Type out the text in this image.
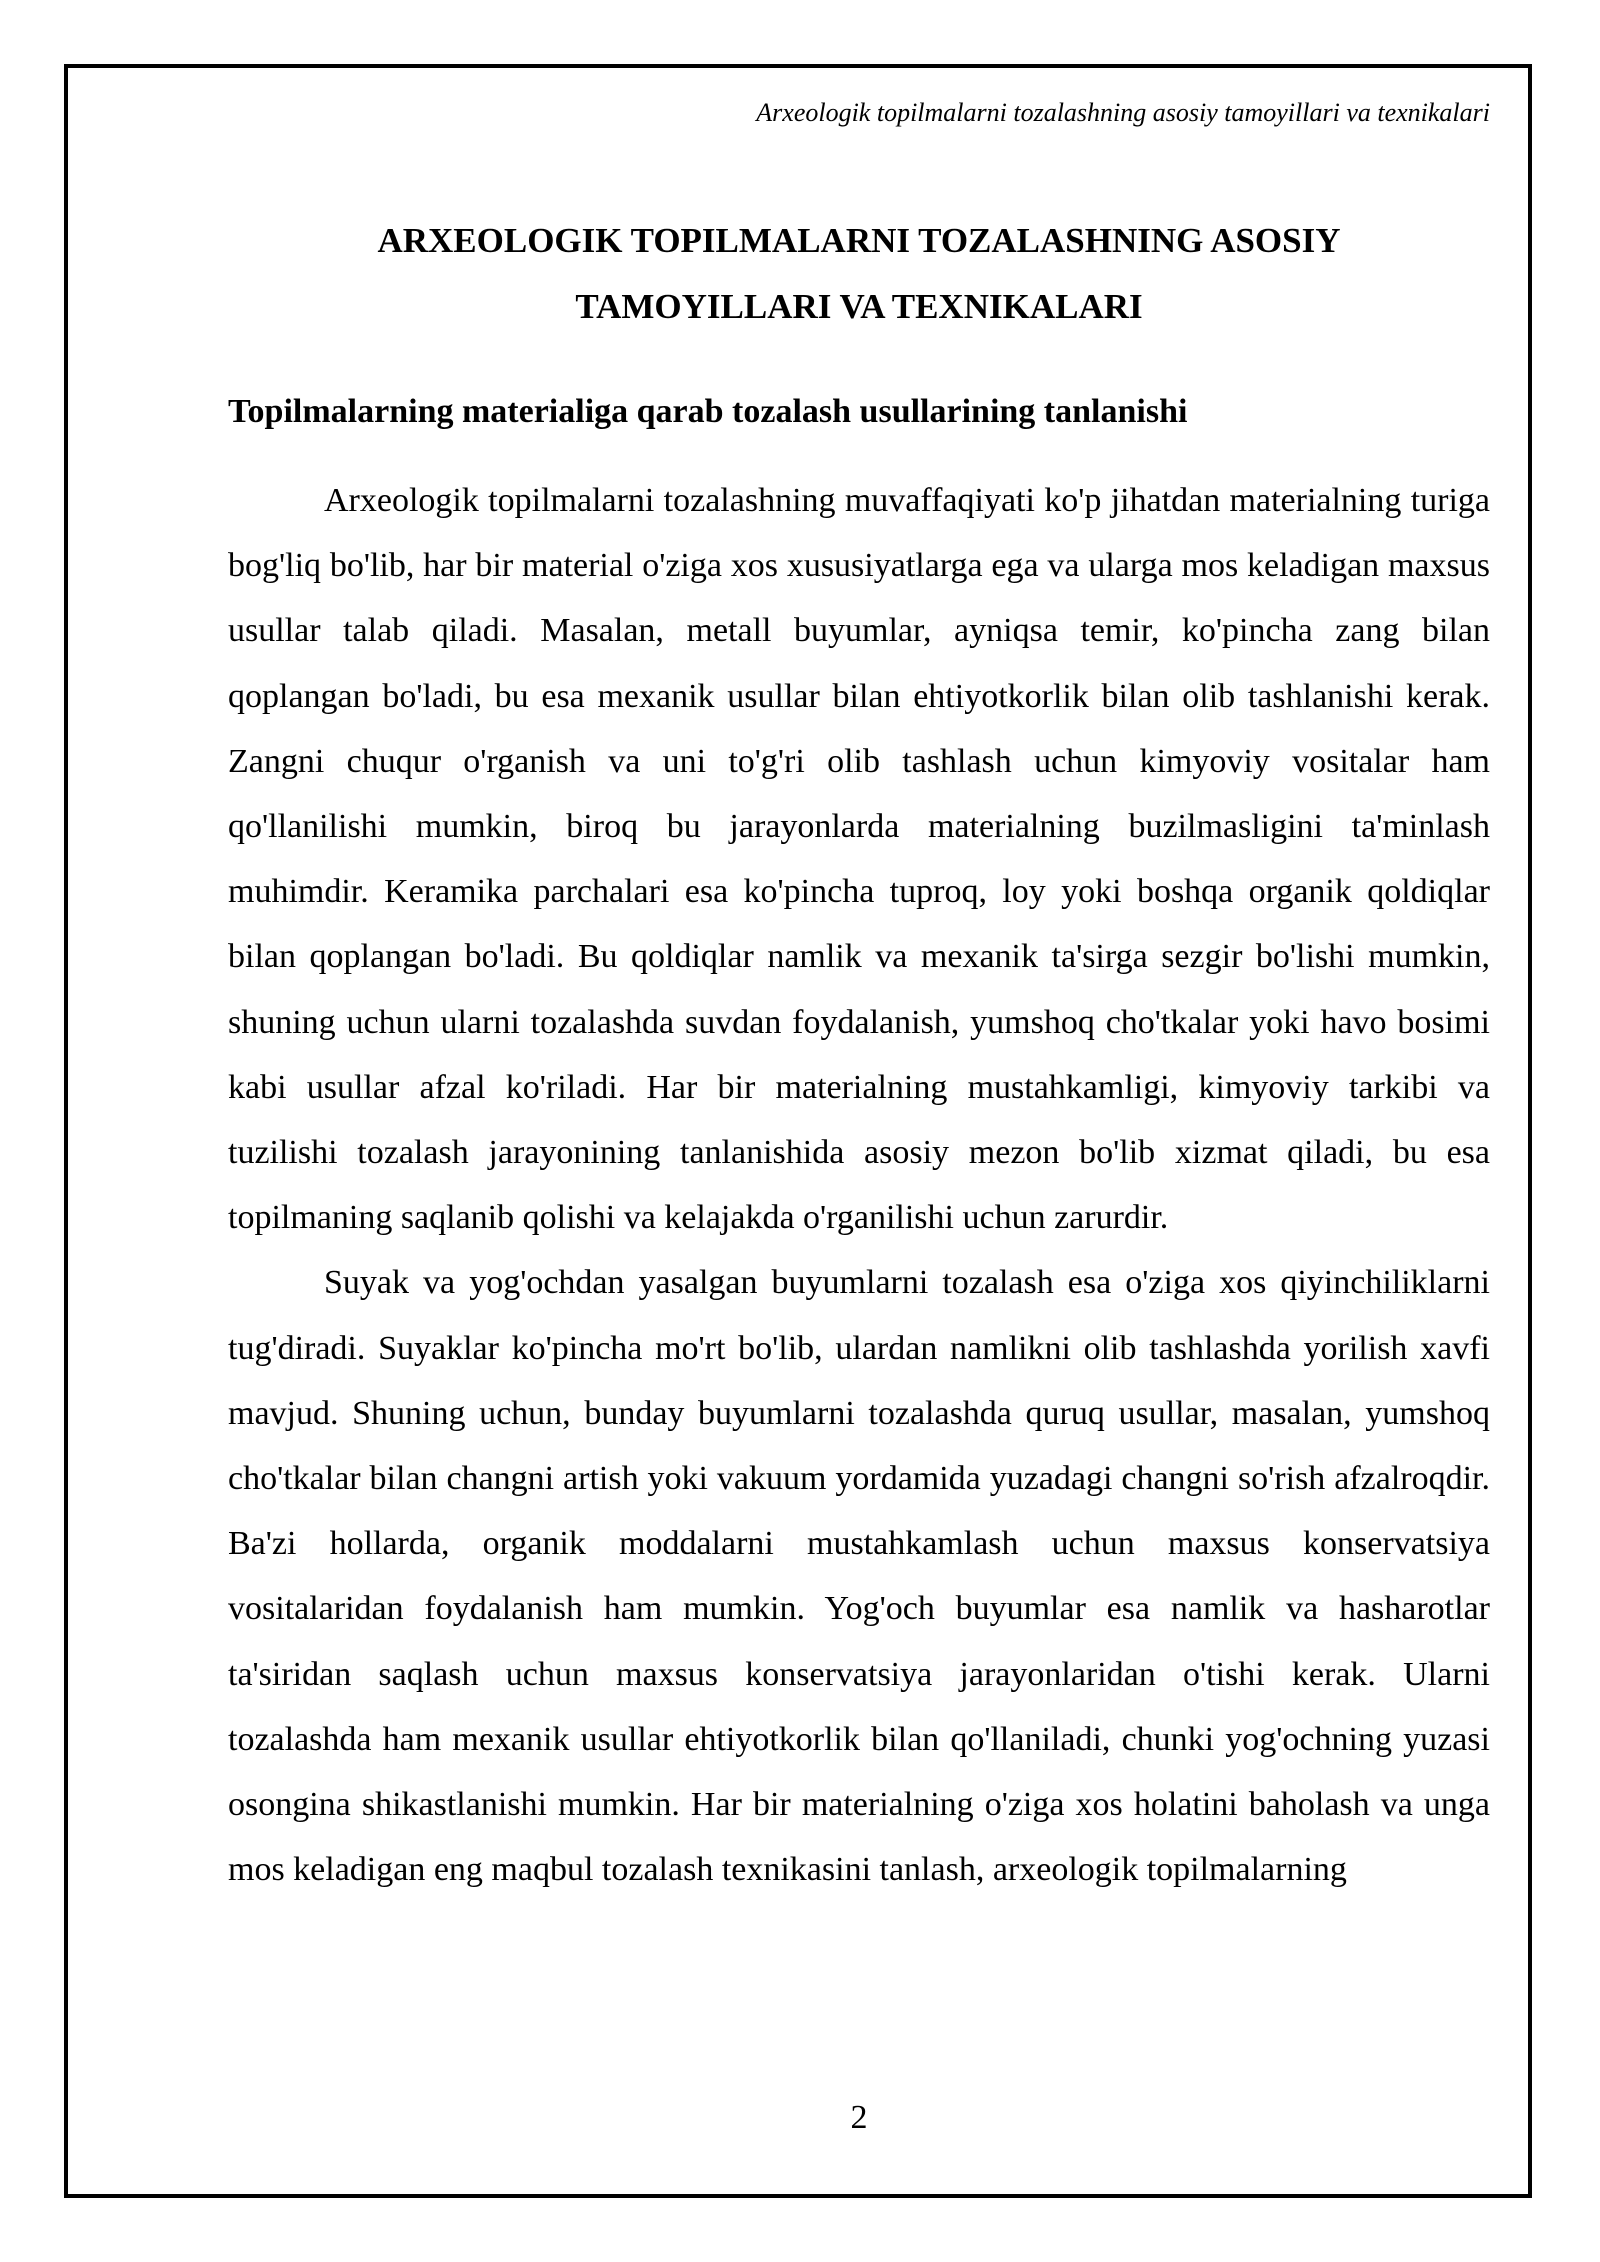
Arxeologik topilmalarni tozalashning asosiy tamoyillari va texnikalari
ARXEOLOGIK TOPILMALARNI TOZALASHNING ASOSIY
TAMOYILLARI VA TEXNIKALARI
Topilmalarning materialiga qarab tozalash usullarining tanlanishi

Arxeologik topilmalarni tozalashning muvaffaqiyati ko'p jihatdan materialning turiga bog'liq bo'lib, har bir material o'ziga xos xususiyatlarga ega va ularga mos keladigan maxsus usullar talab qiladi. Masalan, metall buyumlar, ayniqsa temir, ko'pincha zang bilan qoplangan bo'ladi, bu esa mexanik usullar bilan ehtiyotkorlik bilan olib tashlanishi kerak. Zangni chuqur o'rganish va uni to'g'ri olib tashlash uchun kimyoviy vositalar ham qo'llanilishi mumkin, biroq bu jarayonlarda materialning buzilmasligini ta'minlash muhimdir. Keramika parchalari esa ko'pincha tuproq, loy yoki boshqa organik qoldiqlar bilan qoplangan bo'ladi. Bu qoldiqlar namlik va mexanik ta'sirga sezgir bo'lishi mumkin, shuning uchun ularni tozalashda suvdan foydalanish, yumshoq cho'tkalar yoki havo bosimi kabi usullar afzal ko'riladi. Har bir materialning mustahkamligi, kimyoviy tarkibi va tuzilishi tozalash jarayonining tanlanishida asosiy mezon bo'lib xizmat qiladi, bu esa topilmaning saqlanib qolishi va kelajakda o'rganilishi uchun zarurdir.

Suyak va yog'ochdan yasalgan buyumlarni tozalash esa o'ziga xos qiyinchiliklarni tug'diradi. Suyaklar ko'pincha mo'rt bo'lib, ulardan namlikni olib tashlashda yorilish xavfi mavjud. Shuning uchun, bunday buyumlarni tozalashda quruq usullar, masalan, yumshoq cho'tkalar bilan changni artish yoki vakuum yordamida yuzadagi changni so'rish afzalroqdir. Ba'zi hollarda, organik moddalarni mustahkamlash uchun maxsus konservatsiya vositalaridan foydalanish ham mumkin. Yog'och buyumlar esa namlik va hasharotlar ta'siridan saqlash uchun maxsus konservatsiya jarayonlaridan o'tishi kerak. Ularni tozalashda ham mexanik usullar ehtiyotkorlik bilan qo'llaniladi, chunki yog'ochning yuzasi osongina shikastlanishi mumkin. Har bir materialning o'ziga xos holatini baholash va unga mos keladigan eng maqbul tozalash texnikasini tanlash, arxeologik topilmalarning

2
